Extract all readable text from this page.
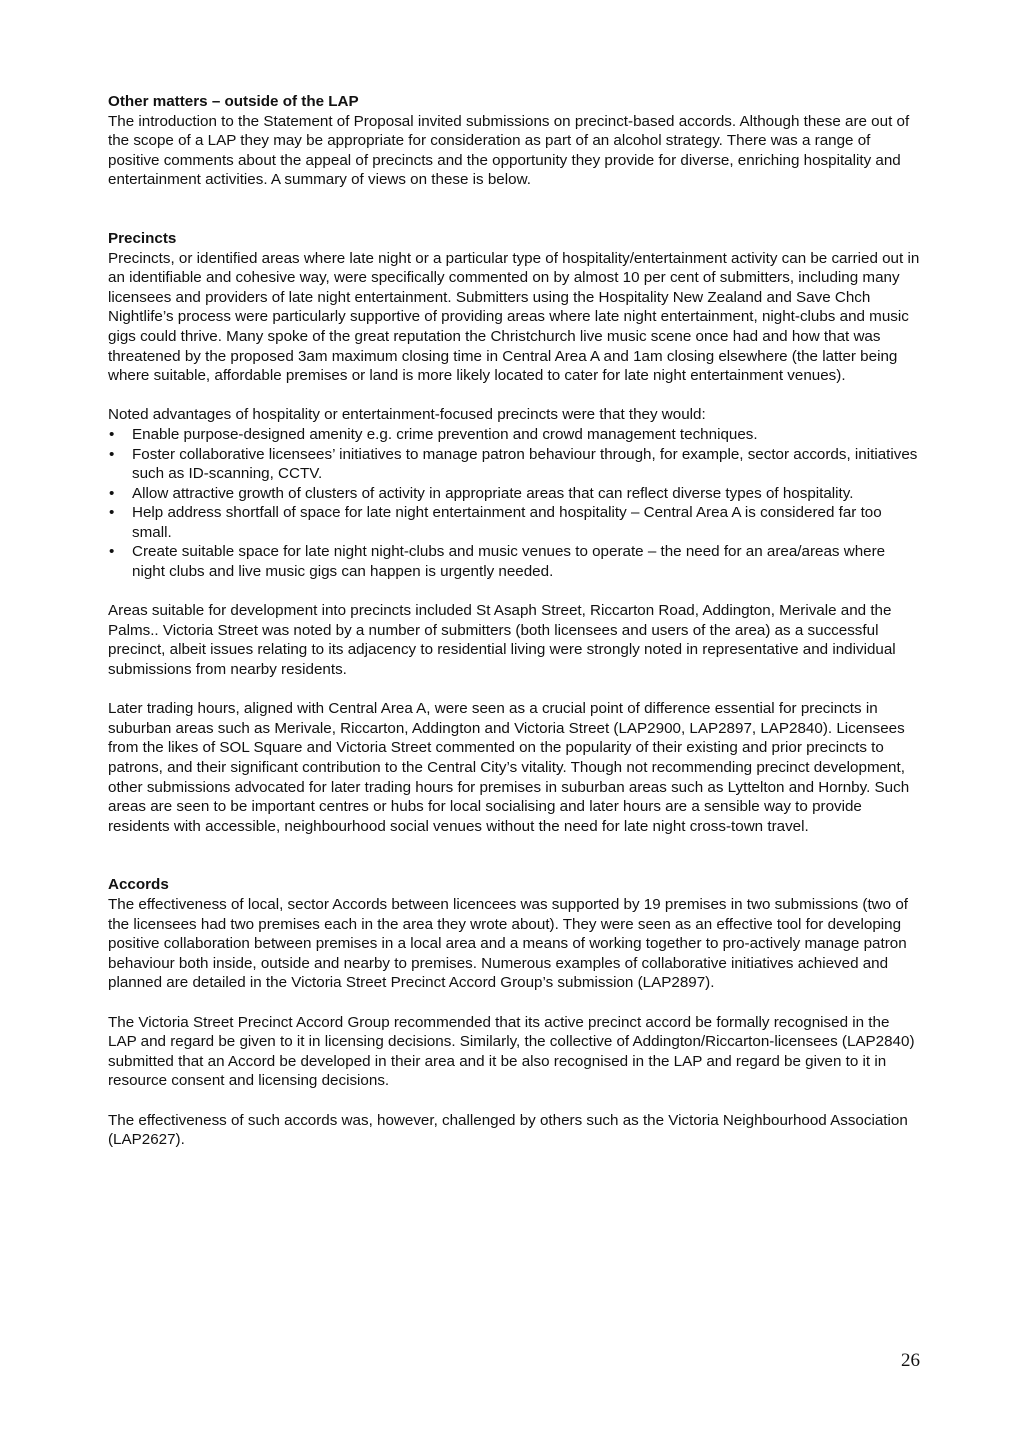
Other matters – outside of the LAP

The introduction to the Statement of Proposal invited submissions on precinct-based accords. Although these are out of the scope of a LAP they may be appropriate for consideration as part of an alcohol strategy. There was a range of positive comments about the appeal of precincts and the opportunity they provide for diverse, enriching hospitality and entertainment activities. A summary of views on these is below.

Precincts

Precincts, or identified areas where late night or a particular type of hospitality/entertainment activity can be carried out in an identifiable and cohesive way, were specifically commented on by almost 10 per cent of submitters, including many licensees and providers of late night entertainment. Submitters using the Hospitality New Zealand and Save Chch Nightlife’s process were particularly supportive of providing areas where late night entertainment, night-clubs and music gigs could thrive. Many spoke of the great reputation the Christchurch live music scene once had and how that was threatened by the proposed 3am maximum closing time in Central Area A and 1am closing elsewhere (the latter being where suitable, affordable premises or land is more likely located to cater for late night entertainment venues).

Noted advantages of hospitality or entertainment-focused precincts were that they would:

• Enable purpose-designed amenity e.g. crime prevention and crowd management techniques.
• Foster collaborative licensees’ initiatives to manage patron behaviour through, for example, sector accords, initiatives such as ID-scanning, CCTV.
• Allow attractive growth of clusters of activity in appropriate areas that can reflect diverse types of hospitality.
• Help address shortfall of space for late night entertainment and hospitality – Central Area A is considered far too small.
• Create suitable space for late night night-clubs and music venues to operate – the need for an area/areas where night clubs and live music gigs can happen is urgently needed.

Areas suitable for development into precincts included St Asaph Street, Riccarton Road, Addington, Merivale and the Palms.. Victoria Street was noted by a number of submitters (both licensees and users of the area) as a successful precinct, albeit issues relating to its adjacency to residential living were strongly noted in representative and individual submissions from nearby residents.

Later trading hours, aligned with Central Area A, were seen as a crucial point of difference essential for precincts in suburban areas such as Merivale, Riccarton, Addington and Victoria Street (LAP2900, LAP2897, LAP2840). Licensees from the likes of SOL Square and Victoria Street commented on the popularity of their existing and prior precincts to patrons, and their significant contribution to the Central City’s vitality. Though not recommending precinct development, other submissions advocated for later trading hours for premises in suburban areas such as Lyttelton and Hornby. Such areas are seen to be important centres or hubs for local socialising and later hours are a sensible way to provide residents with accessible, neighbourhood social venues without the need for late night cross-town travel.

Accords

The effectiveness of local, sector Accords between licencees was supported by 19 premises in two submissions (two of the licensees had two premises each in the area they wrote about). They were seen as an effective tool for developing positive collaboration between premises in a local area and a means of working together to pro-actively manage patron behaviour both inside, outside and nearby to premises. Numerous examples of collaborative initiatives achieved and planned are detailed in the Victoria Street Precinct Accord Group’s submission (LAP2897).

The Victoria Street Precinct Accord Group recommended that its active precinct accord be formally recognised in the LAP and regard be given to it in licensing decisions. Similarly, the collective of Addington/Riccarton-licensees (LAP2840) submitted that an Accord be developed in their area and it be also recognised in the LAP and regard be given to it in resource consent and licensing decisions.

The effectiveness of such accords was, however, challenged by others such as the Victoria Neighbourhood Association (LAP2627).

26
